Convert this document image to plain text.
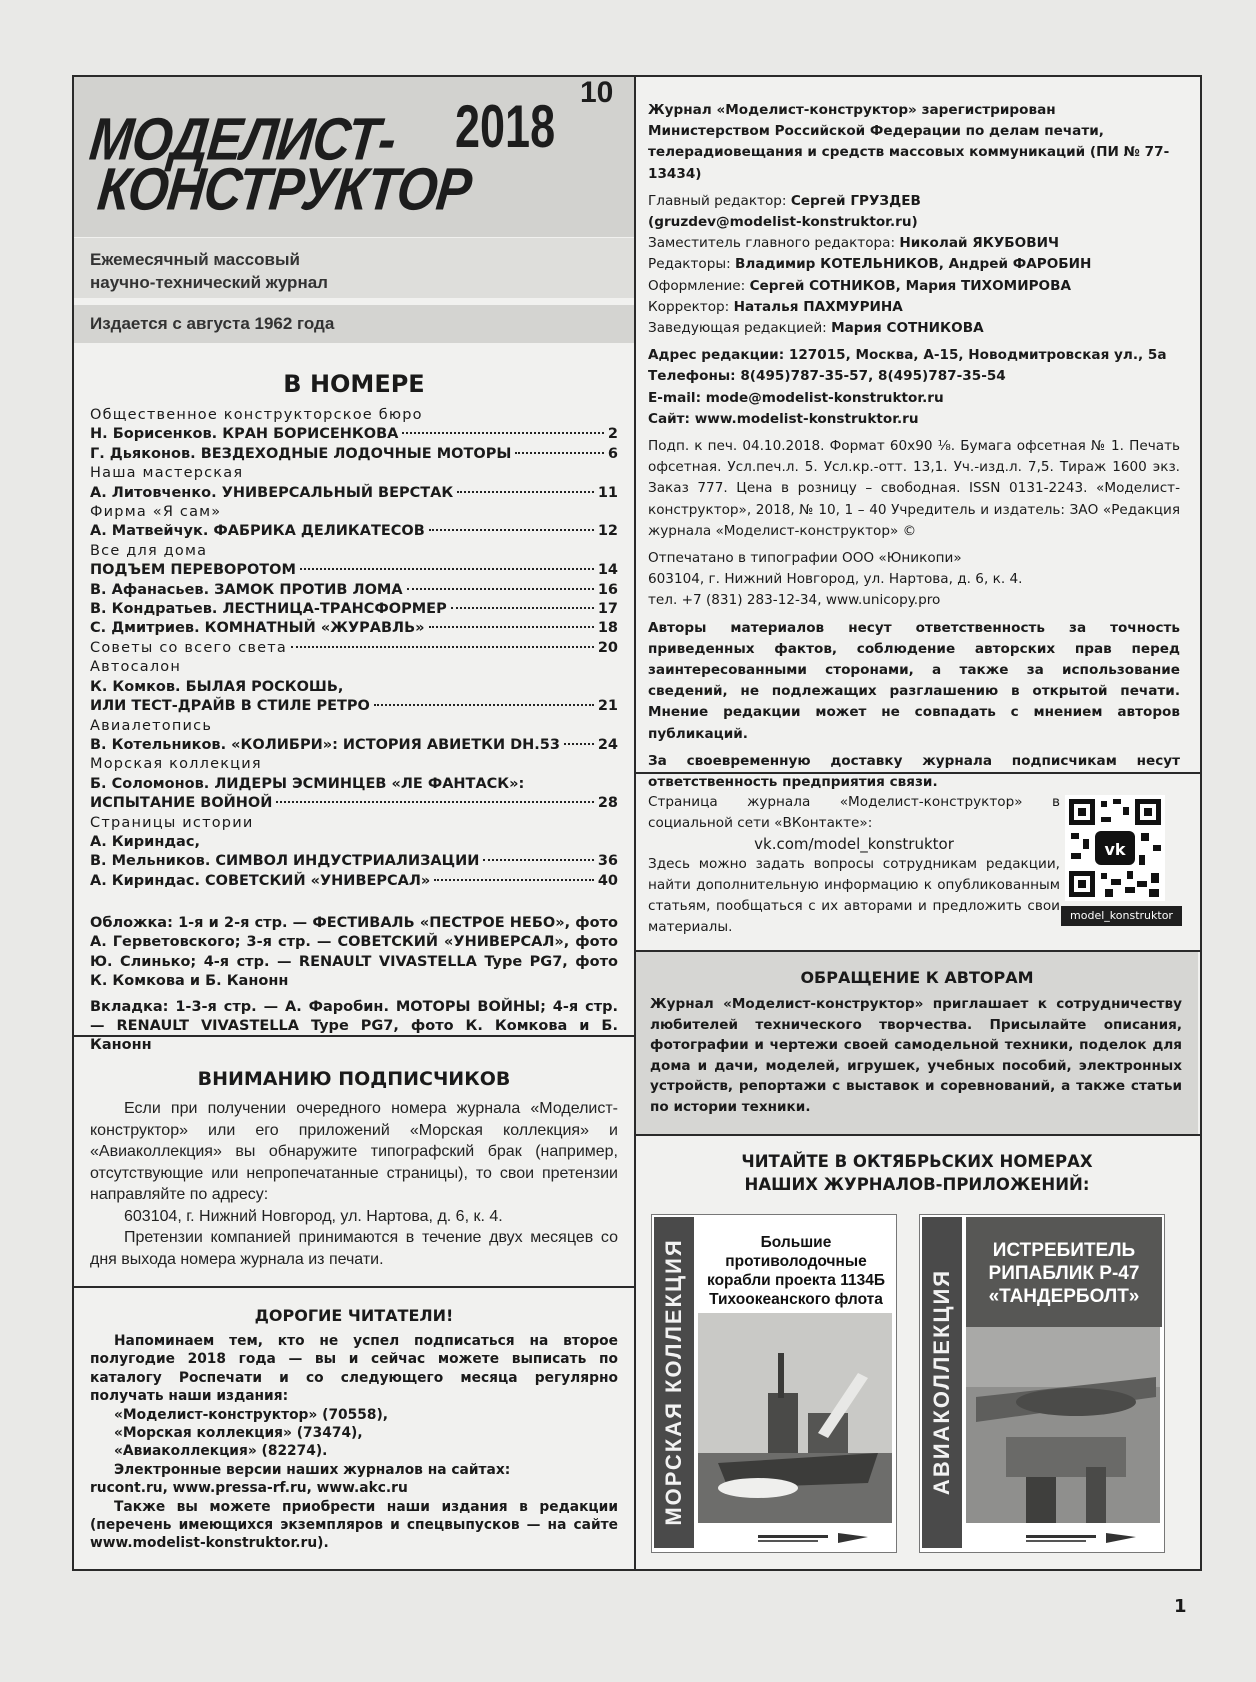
МОДЕЛИСТ-
КОНСТРУКТОР
2018
10
Ежемесячный массовый
научно-технический журнал
Издается с августа 1962 года
В НОМЕРЕ
Общественное конструкторское бюро
Н. Борисенков. КРАН БОРИСЕНКОВА	2
Г. Дьяконов. ВЕЗДЕХОДНЫЕ ЛОДОЧНЫЕ МОТОРЫ	6
Наша мастерская
А. Литовченко. УНИВЕРСАЛЬНЫЙ ВЕРСТАК	11
Фирма «Я сам»
А. Матвейчук. ФАБРИКА ДЕЛИКАТЕСОВ	12
Все для дома
ПОДЪЕМ ПЕРЕВОРОТОМ	14
В. Афанасьев. ЗАМОК ПРОТИВ ЛОМА	16
В. Кондратьев. ЛЕСТНИЦА-ТРАНСФОРМЕР	17
С. Дмитриев. КОМНАТНЫЙ «ЖУРАВЛЬ»	18
Советы со всего света	20
Автосалон
К. Комков. БЫЛАЯ РОСКОШЬ,
ИЛИ ТЕСТ-ДРАЙВ В СТИЛЕ РЕТРО	21
Авиалетопись
В. Котельников. «КОЛИБРИ»: ИСТОРИЯ АВИЕТКИ DH.53	24
Морская коллекция
Б. Соломонов. ЛИДЕРЫ ЭСМИНЦЕВ «ЛЕ ФАНТАСК»:
ИСПЫТАНИЕ ВОЙНОЙ	28
Страницы истории
А. Кириндас,
В. Мельников. СИМВОЛ ИНДУСТРИАЛИЗАЦИИ	36
А. Кириндас. СОВЕТСКИЙ «УНИВЕРСАЛ»	40

Обложка: 1-я и 2-я стр. — ФЕСТИВАЛЬ «ПЕСТРОЕ НЕБО», фото А. Герветовского; 3-я стр. — СОВЕТСКИЙ «УНИВЕРСАЛ», фото Ю. Слинько; 4-я стр. — RENAULT VIVASTELLA Type PG7, фото К. Комкова и Б. Канонн

Вкладка: 1-3-я стр. — А. Фаробин. МОТОРЫ ВОЙНЫ; 4-я стр. — RENAULT VIVASTELLA Type PG7, фото К. Комкова и Б. Канонн

ВНИМАНИЮ ПОДПИСЧИКОВ

Если при получении очередного номера журнала «Моделист-конструктор» или его приложений «Морская коллекция» и «Авиаколлекция» вы обнаружите типографский брак (например, отсутствующие или непропечатанные страницы), то свои претензии направляйте по адресу:

603104, г. Нижний Новгород, ул. Нартова, д. 6, к. 4.

Претензии компанией принимаются в течение двух месяцев со дня выхода номера журнала из печати.

ДОРОГИЕ ЧИТАТЕЛИ!

Напоминаем тем, кто не успел подписаться на второе полугодие 2018 года — вы и сейчас можете выписать по каталогу Роспечати и со следующего месяца регулярно получать наши издания:

«Моделист-конструктор» (70558),

«Морская коллекция» (73474),

«Авиаколлекция» (82274).

Электронные версии наших журналов на сайтах:

rucont.ru, www.pressa-rf.ru, www.akc.ru

Также вы можете приобрести наши издания в редакции (перечень имеющихся экземпляров и спецвыпусков — на сайте www.modelist-konstruktor.ru).

Журнал «Моделист-конструктор» зарегистрирован Министерством Российской Федерации по делам печати, телерадиовещания и средств массовых коммуникаций (ПИ № 77-13434)

Главный редактор: Сергей ГРУЗДЕВ
(gruzdev@modelist-konstruktor.ru)
Заместитель главного редактора: Николай ЯКУБОВИЧ
Редакторы: Владимир КОТЕЛЬНИКОВ, Андрей ФАРОБИН
Оформление: Сергей СОТНИКОВ, Мария ТИХОМИРОВА
Корректор: Наталья ПАХМУРИНА

Заведующая редакцией: Мария СОТНИКОВА

Адрес редакции: 127015, Москва, А-15, Новодмитровская ул., 5а
Телефоны: 8(495)787-35-57, 8(495)787-35-54
E-mail: mode@modelist-konstruktor.ru

Сайт: www.modelist-konstruktor.ru

Подп. к печ. 04.10.2018. Формат 60х90 ⅛. Бумага офсетная № 1. Печать офсетная. Усл.печ.л. 5. Усл.кр.-отт. 13,1. Уч.-изд.л. 7,5. Тираж 1600 экз. Заказ 777. Цена в розницу – свободная. ISSN 0131-2243. «Моделист-конструктор», 2018, № 10, 1 – 40 Учредитель и издатель: ЗАО «Редакция журнала «Моделист-конструктор» ©

Отпечатано в типографии ООО «Юникопи»
603104, г. Нижний Новгород, ул. Нартова, д. 6, к. 4.

тел. +7 (831) 283-12-34, www.unicopy.pro

Авторы материалов несут ответственность за точность приведенных фактов, соблюдение авторских прав перед заинтересованными сторонами, а также за использование сведений, не подлежащих разглашению в открытой печати. Мнение редакции может не совпадать с мнением авторов публикаций.

За своевременную доставку журнала подписчикам несут ответственность предприятия связи.

Страница журнала «Моделист-конструктор» в социальной сети «ВКонтакте»:
vk.com/model_konstruktor
Здесь можно задать вопросы сотрудникам редакции, найти дополнительную информацию к опубликованным статьям, пообщаться с их авторами и предложить свои материалы.
vk
model_konstruktor
ОБРАЩЕНИЕ К АВТОРАМ
Журнал «Моделист-конструктор» приглашает к сотрудничеству любителей технического творчества. Присылайте описания, фотографии и чертежи своей самодельной техники, поделок для дома и дачи, моделей, игрушек, учебных пособий, электронных устройств, репортажи с выставок и соревнований, а также статьи по истории техники.
ЧИТАЙТЕ В ОКТЯБРЬСКИХ НОМЕРАХ
НАШИХ ЖУРНАЛОВ-ПРИЛОЖЕНИЙ:
МОРСКАЯ КОЛЛЕКЦИЯ	Большие противолодочные корабли проекта 1134Б Тихоокеанского флота	АВИАКОЛЛЕКЦИЯ
ИСТРЕБИТЕЛЬ РИПАБЛИК Р-47 «ТАНДЕРБОЛТ»
1
